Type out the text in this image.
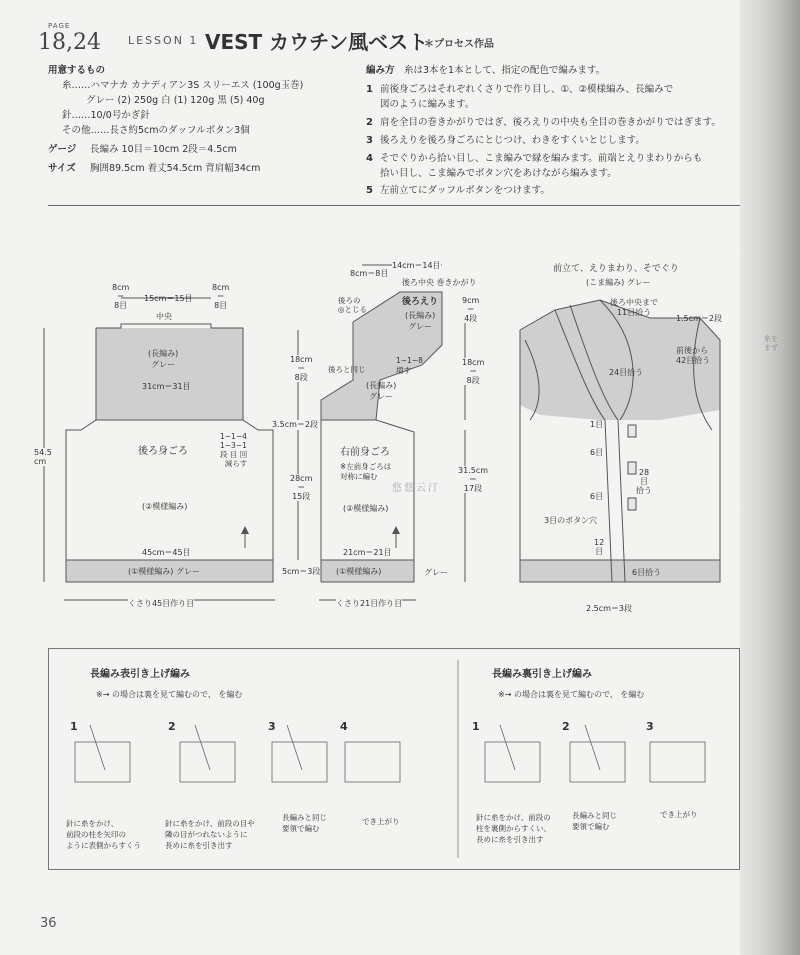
PAGE
18,24 LESSON 1 VEST カウチン風ベスト
＊プロセス作品
用意するもの
糸……ハマナカ カナディアン3S スリーエス (100g玉巻)
グレー (2) 250g 白 (1) 120g 黒 (5) 40g
針……10/0号かぎ針
その他……長さ約5cmのダッフルボタン3個
ゲージ 長編み 10目＝10cm 2段＝4.5cm
サイズ 胸囲89.5cm 着丈54.5cm 背肩幅34cm
編み方 糸は3本を1本として、指定の配色で編みます。
1 前後身ごろはそれぞれくさりで作り目し、①、②模様編み、長編みで
図のように編みます。
2 肩を全目の巻きかがりではぎ、後ろえりの中央も全目の巻きかがりではぎます。
3 後ろえりを後ろ身ごろにとじつけ、わきをすくいとじします。
4 そでぐりから拾い目し、こま編みで縁を編みます。前端とえりまわりからも
拾い目し、こま編みでボタン穴をあけながら編みます。
5 左前立てにダッフルボタンをつけます。
8cm
＝
8目
15cm＝15目
8cm
＝
8目
中央
(長編み)
グレー
31cm＝31目
1−1−4
1−3−1
段 目 回
減らす
後ろ身ごろ
(②模様編み)
45cm＝45目
(①模様編み) グレー
くさり45目作り目
54.5
cm
14cm＝14目
8cm＝8目
後ろ中央 巻きかがり
後ろえり
(長編み)
グレー
後ろの
◎とじる
9cm
＝
4段
後ろと同じ
1−1−8
増す
(長編み)
グレー
18cm
＝
8段
18cm
＝
8段
3.5cm＝2段
右前身ごろ
※左前身ごろは
対称に編む
28cm
＝
15段
31.5cm
＝
17段
(②模様編み)
21cm＝21目
5cm＝3段 (①模様編み)	グレー
くさり21目作り目
悠悠云汀
前立て、えりまわり、そでぐり
(こま編み) グレー
後ろ中央まで
11目拾う
1.5cm＝2段
24目拾う
前後から
42目拾う
1目
6目
28
目
拾う
6目
3目のボタン穴
12
目
6目拾う
2.5cm＝3段
長編み表引き上げ編み
※→ の場合は裏を見て編むので、 を編む
1	2	3	4
針に糸をかけ、
前段の柱を矢印の
ように表側からすくう
針に糸をかけ、前段の目や
隣の目がつれないように
長めに糸を引き出す
長編みと同じ
要領で編む
でき上がり
長編み裏引き上げ編み
※→ の場合は裏を見て編むので、 を編む
1	2	3
針に糸をかけ、前段の
柱を裏側からすくい、
長めに糸を引き出す
長編みと同じ
要領で編む
でき上がり
36
糸を
まず
